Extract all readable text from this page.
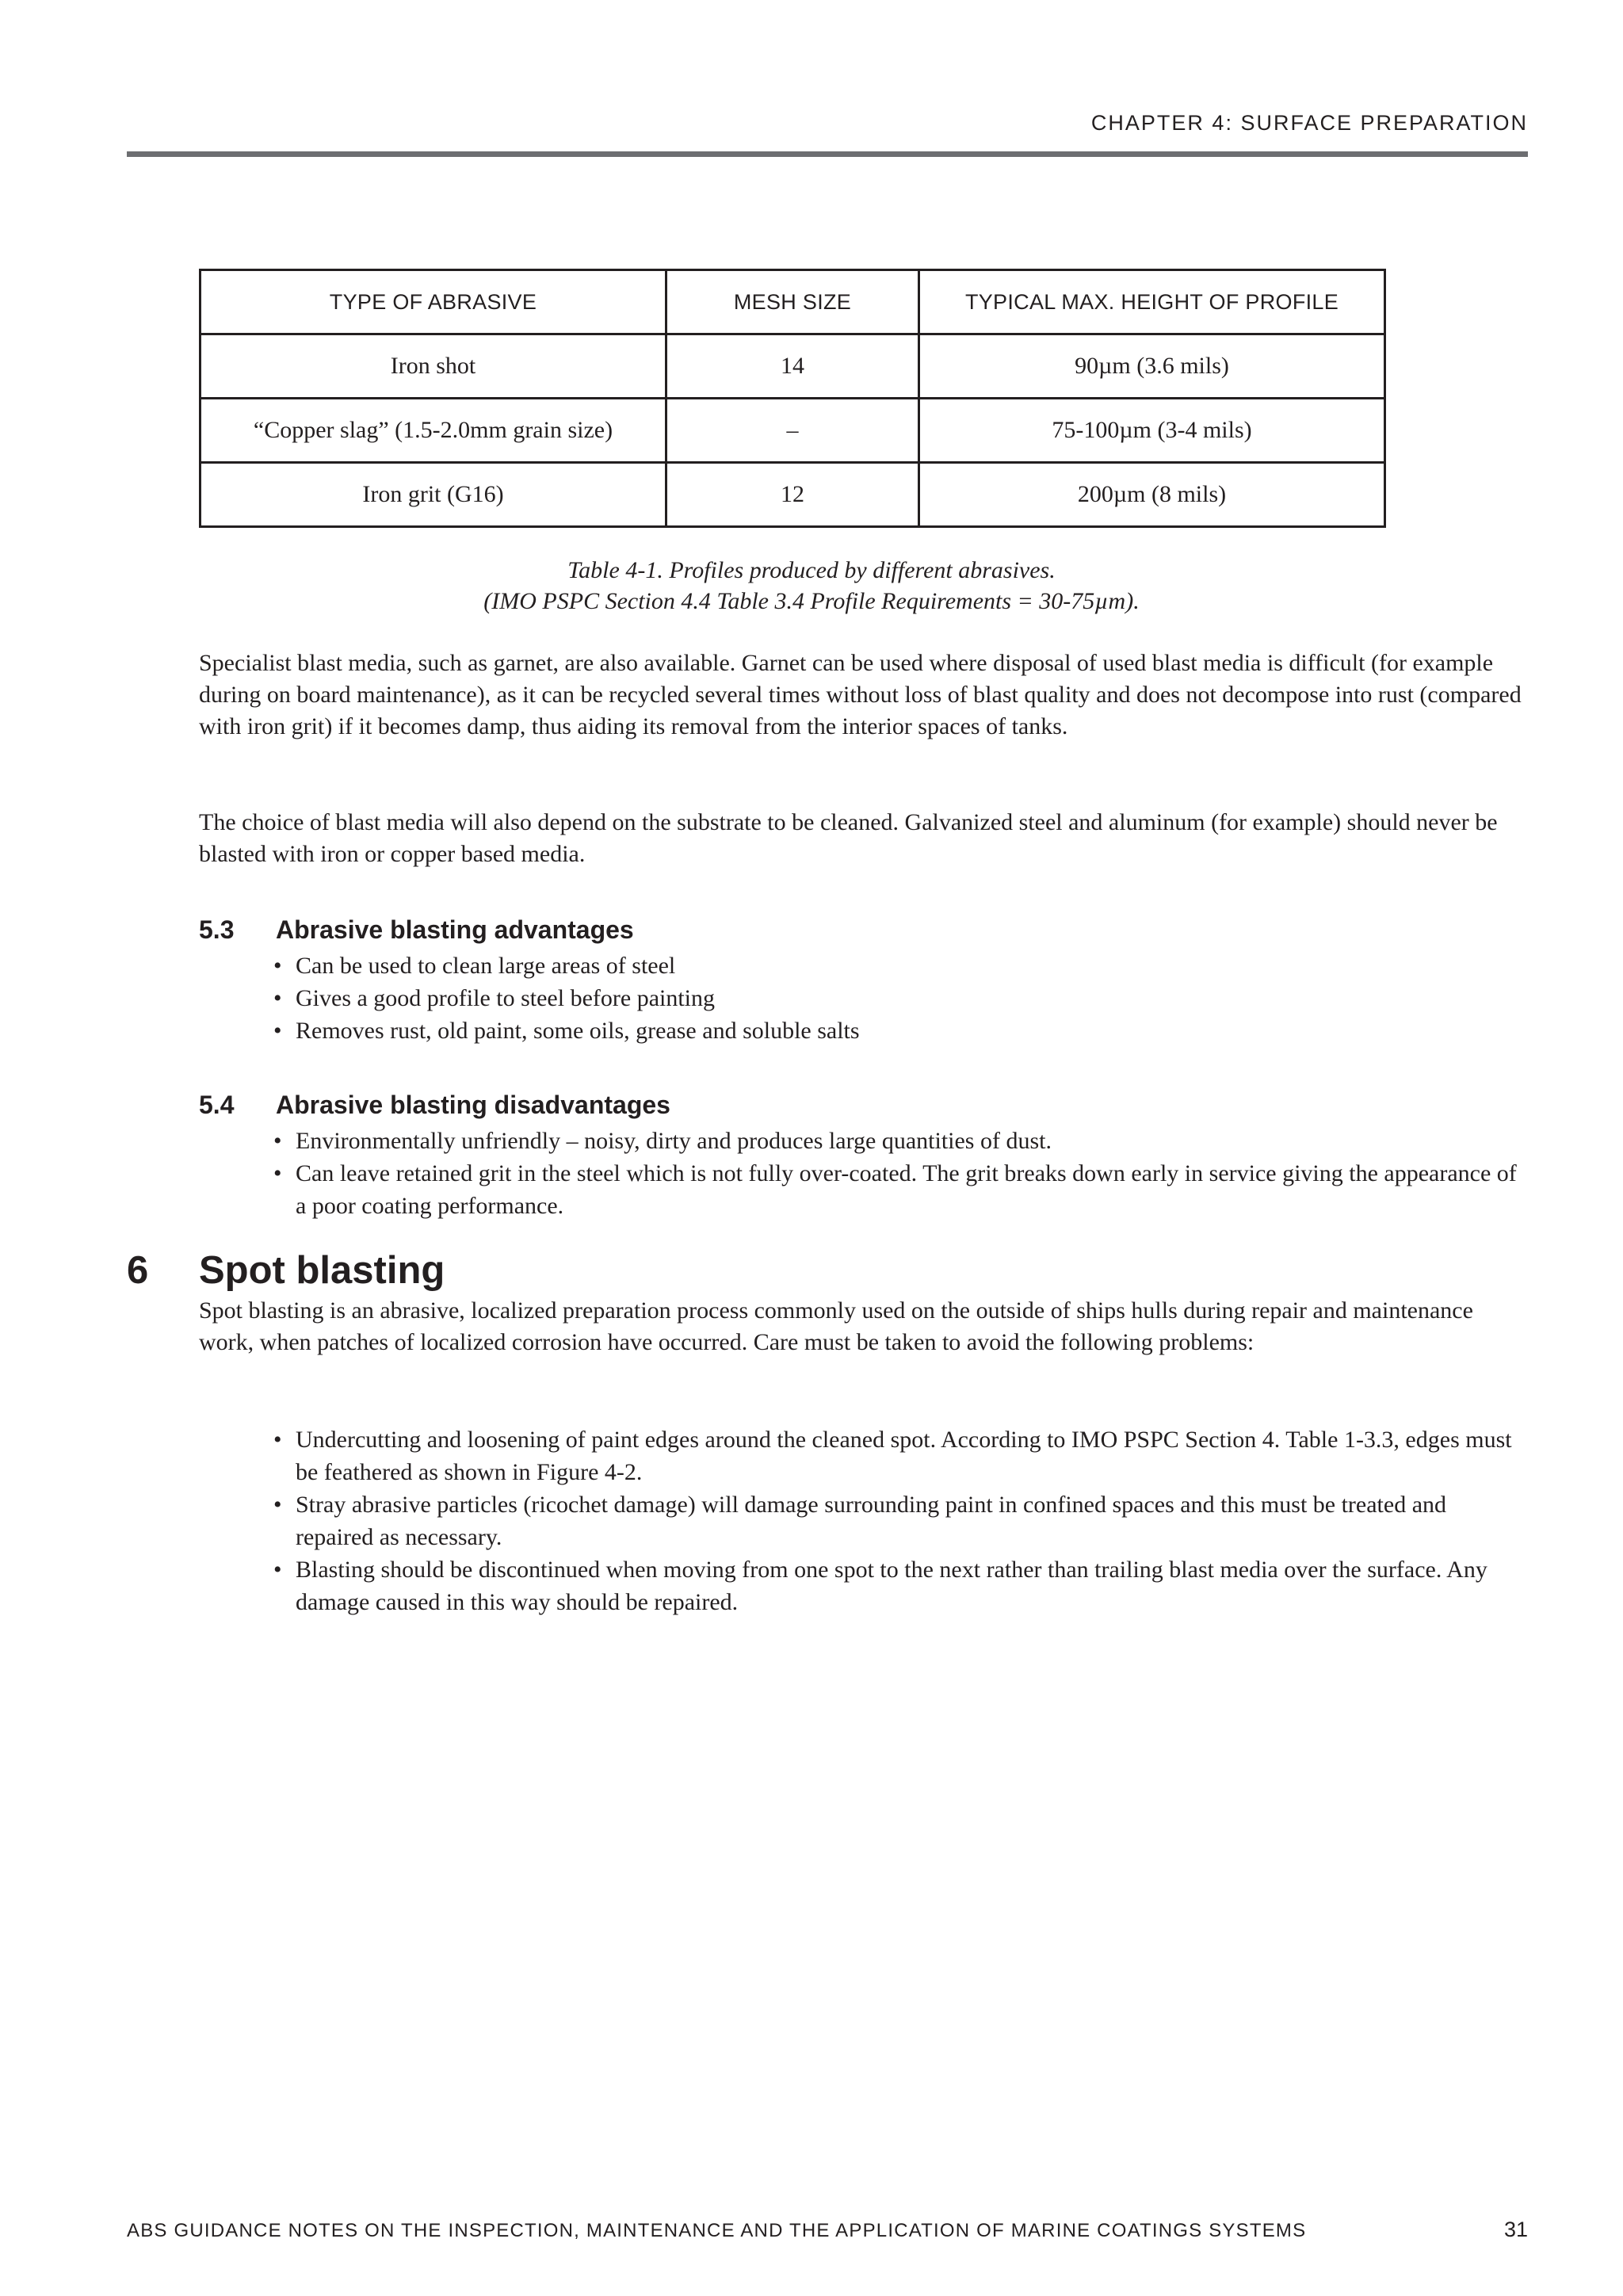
CHAPTER 4: SURFACE PREPARATION
TYPE OF ABRASIVE	MESH SIZE	TYPICAL MAX. HEIGHT OF PROFILE
Iron shot	14	90µm (3.6 mils)
“Copper slag” (1.5-2.0mm grain size)	–	75-100µm (3-4 mils)
Iron grit (G16)	12	200µm (8 mils)
Table 4-1. Profiles produced by different abrasives.
(IMO PSPC Section 4.4 Table 3.4 Profile Requirements = 30-75µm).
Specialist blast media, such as garnet, are also available. Garnet can be used where disposal of used blast media is difficult (for example during on board maintenance), as it can be recycled several times without loss of blast quality and does not decompose into rust (compared with iron grit) if it becomes damp, thus aiding its removal from the interior spaces of tanks.
The choice of blast media will also depend on the substrate to be cleaned. Galvanized steel and aluminum (for example) should never be blasted with iron or copper based media.
5.3 Abrasive blasting advantages
• Can be used to clean large areas of steel
• Gives a good profile to steel before painting
• Removes rust, old paint, some oils, grease and soluble salts
5.4 Abrasive blasting disadvantages
• Environmentally unfriendly – noisy, dirty and produces large quantities of dust.
• Can leave retained grit in the steel which is not fully over-coated. The grit breaks down early in service giving the appearance of a poor coating performance.
6 Spot blasting
Spot blasting is an abrasive, localized preparation process commonly used on the outside of ships hulls during repair and maintenance work, when patches of localized corrosion have occurred. Care must be taken to avoid the following problems:
• Undercutting and loosening of paint edges around the cleaned spot. According to IMO PSPC Section 4. Table 1-3.3, edges must be feathered as shown in Figure 4-2.
• Stray abrasive particles (ricochet damage) will damage surrounding paint in confined spaces and this must be treated and repaired as necessary.
• Blasting should be discontinued when moving from one spot to the next rather than trailing blast media over the surface. Any damage caused in this way should be repaired.
ABS GUIDANCE NOTES ON THE INSPECTION, MAINTENANCE AND THE APPLICATION OF MARINE COATINGS SYSTEMS	31
